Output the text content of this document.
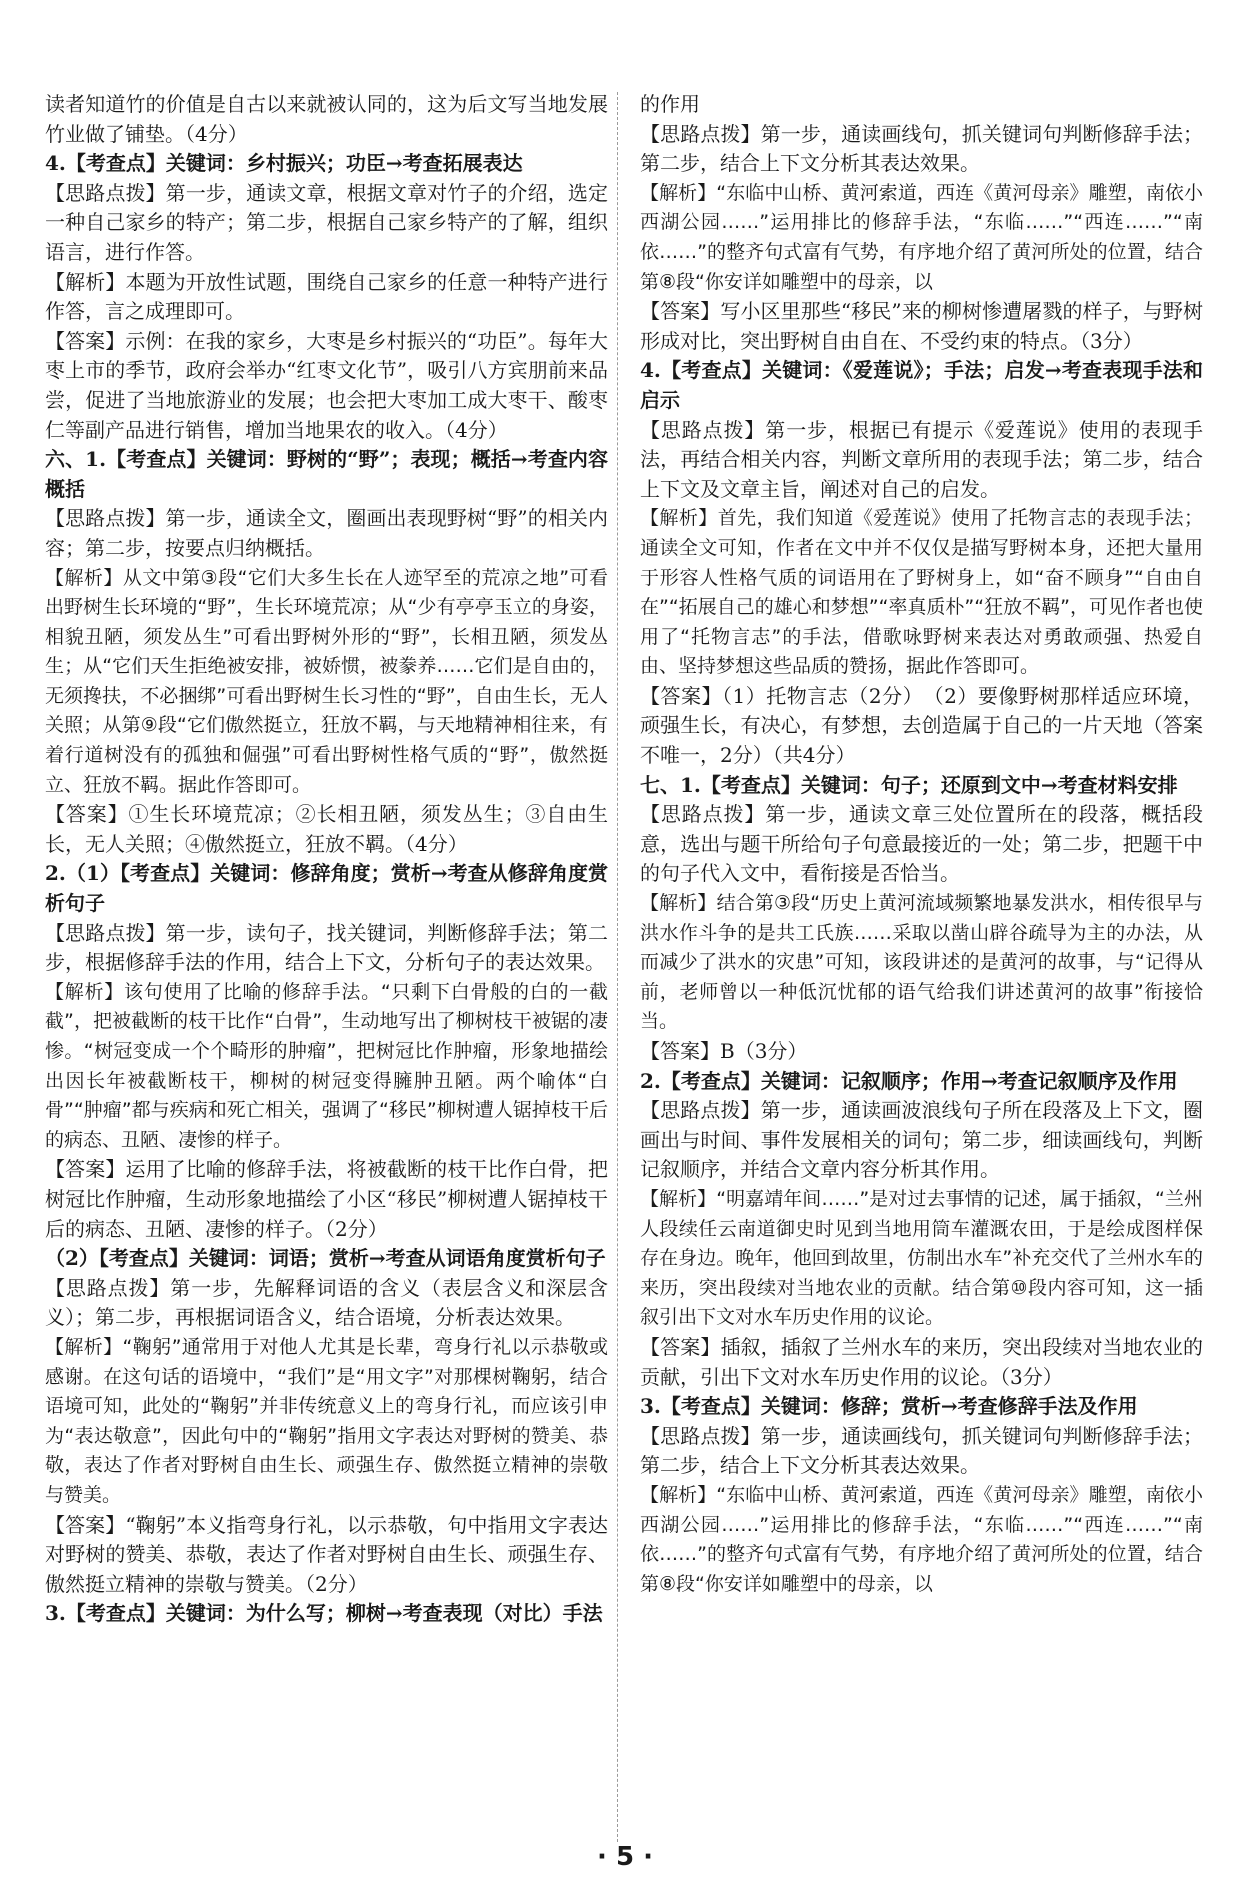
读者知道竹的价值是自古以来就被认同的，这为后文写当地发展竹业做了铺垫。（4分）

4.【考查点】关键词：乡村振兴；功臣→考查拓展表达

【思路点拨】第一步，通读文章，根据文章对竹子的介绍，选定一种自己家乡的特产；第二步，根据自己家乡特产的了解，组织语言，进行作答。

【解析】本题为开放性试题，围绕自己家乡的任意一种特产进行作答，言之成理即可。

【答案】示例：在我的家乡，大枣是乡村振兴的“功臣”。每年大枣上市的季节，政府会举办“红枣文化节”，吸引八方宾朋前来品尝，促进了当地旅游业的发展；也会把大枣加工成大枣干、酸枣仁等副产品进行销售，增加当地果农的收入。（4分）

六、1.【考查点】关键词：野树的“野”；表现；概括→考查内容概括

【思路点拨】第一步，通读全文，圈画出表现野树“野”的相关内容；第二步，按要点归纳概括。

【解析】从文中第③段“它们大多生长在人迹罕至的荒凉之地”可看出野树生长环境的“野”，生长环境荒凉；从“少有亭亭玉立的身姿，相貌丑陋，须发丛生”可看出野树外形的“野”，长相丑陋，须发丛生；从“它们天生拒绝被安排，被娇惯，被豢养……它们是自由的，无须搀扶，不必捆绑”可看出野树生长习性的“野”，自由生长，无人关照；从第⑨段“它们傲然挺立，狂放不羁，与天地精神相往来，有着行道树没有的孤独和倔强”可看出野树性格气质的“野”，傲然挺立、狂放不羁。据此作答即可。

【答案】①生长环境荒凉；②长相丑陋，须发丛生；③自由生长，无人关照；④傲然挺立，狂放不羁。（4分）

2.（1）【考查点】关键词：修辞角度；赏析→考查从修辞角度赏析句子

【思路点拨】第一步，读句子，找关键词，判断修辞手法；第二步，根据修辞手法的作用，结合上下文，分析句子的表达效果。

【解析】该句使用了比喻的修辞手法。“只剩下白骨般的白的一截截”，把被截断的枝干比作“白骨”，生动地写出了柳树枝干被锯的凄惨。“树冠变成一个个畸形的肿瘤”，把树冠比作肿瘤，形象地描绘出因长年被截断枝干，柳树的树冠变得臃肿丑陋。两个喻体“白骨”“肿瘤”都与疾病和死亡相关，强调了“移民”柳树遭人锯掉枝干后的病态、丑陋、凄惨的样子。

【答案】运用了比喻的修辞手法，将被截断的枝干比作白骨，把树冠比作肿瘤，生动形象地描绘了小区“移民”柳树遭人锯掉枝干后的病态、丑陋、凄惨的样子。（2分）

（2）【考查点】关键词：词语；赏析→考查从词语角度赏析句子

【思路点拨】第一步，先解释词语的含义（表层含义和深层含义）；第二步，再根据词语含义，结合语境，分析表达效果。

【解析】“鞠躬”通常用于对他人尤其是长辈，弯身行礼以示恭敬或感谢。在这句话的语境中，“我们”是“用文字”对那棵树鞠躬，结合语境可知，此处的“鞠躬”并非传统意义上的弯身行礼，而应该引申为“表达敬意”，因此句中的“鞠躬”指用文字表达对野树的赞美、恭敬，表达了作者对野树自由生长、顽强生存、傲然挺立精神的崇敬与赞美。

【答案】“鞠躬”本义指弯身行礼，以示恭敬，句中指用文字表达对野树的赞美、恭敬，表达了作者对野树自由生长、顽强生存、傲然挺立精神的崇敬与赞美。（2分）

3.【考查点】关键词：为什么写；柳树→考查表现（对比）手法

的作用

【思路点拨】第一步，通读画线句，抓关键词句判断修辞手法；第二步，结合上下文分析其表达效果。

【解析】“东临中山桥、黄河索道，西连《黄河母亲》雕塑，南依小西湖公园……”运用排比的修辞手法，“东临……”“西连……”“南依……”的整齐句式富有气势，有序地介绍了黄河所处的位置，结合第⑧段“你安详如雕塑中的母亲，以

【答案】写小区里那些“移民”来的柳树惨遭屠戮的样子，与野树形成对比，突出野树自由自在、不受约束的特点。（3分）

4.【考查点】关键词：《爱莲说》；手法；启发→考查表现手法和启示

【思路点拨】第一步，根据已有提示《爱莲说》使用的表现手法，再结合相关内容，判断文章所用的表现手法；第二步，结合上下文及文章主旨，阐述对自己的启发。

【解析】首先，我们知道《爱莲说》使用了托物言志的表现手法；通读全文可知，作者在文中并不仅仅是描写野树本身，还把大量用于形容人性格气质的词语用在了野树身上，如“奋不顾身”“自由自在”“拓展自己的雄心和梦想”“率真质朴”“狂放不羁”，可见作者也使用了“托物言志”的手法，借歌咏野树来表达对勇敢顽强、热爱自由、坚持梦想这些品质的赞扬，据此作答即可。

【答案】（1）托物言志（2分）　（2）要像野树那样适应环境，顽强生长，有决心，有梦想，去创造属于自己的一片天地（答案不唯一，2分）（共4分）

七、1.【考查点】关键词：句子；还原到文中→考查材料安排

【思路点拨】第一步，通读文章三处位置所在的段落，概括段意，选出与题干所给句子句意最接近的一处；第二步，把题干中的句子代入文中，看衔接是否恰当。

【解析】结合第③段“历史上黄河流域频繁地暴发洪水，相传很早与洪水作斗争的是共工氏族……采取以凿山辟谷疏导为主的办法，从而减少了洪水的灾患”可知，该段讲述的是黄河的故事，与“记得从前，老师曾以一种低沉忧郁的语气给我们讲述黄河的故事”衔接恰当。

【答案】B（3分）

2.【考查点】关键词：记叙顺序；作用→考查记叙顺序及作用

【思路点拨】第一步，通读画波浪线句子所在段落及上下文，圈画出与时间、事件发展相关的词句；第二步，细读画线句，判断记叙顺序，并结合文章内容分析其作用。

【解析】“明嘉靖年间……”是对过去事情的记述，属于插叙，“兰州人段续任云南道御史时见到当地用筒车灌溉农田，于是绘成图样保存在身边。晚年，他回到故里，仿制出水车”补充交代了兰州水车的来历，突出段续对当地农业的贡献。结合第⑩段内容可知，这一插叙引出下文对水车历史作用的议论。

【答案】插叙，插叙了兰州水车的来历，突出段续对当地农业的贡献，引出下文对水车历史作用的议论。（3分）

3.【考查点】关键词：修辞；赏析→考查修辞手法及作用

【思路点拨】第一步，通读画线句，抓关键词句判断修辞手法；第二步，结合上下文分析其表达效果。

【解析】“东临中山桥、黄河索道，西连《黄河母亲》雕塑，南依小西湖公园……”运用排比的修辞手法，“东临……”“西连……”“南依……”的整齐句式富有气势，有序地介绍了黄河所处的位置，结合第⑧段“你安详如雕塑中的母亲，以

· 5 ·
